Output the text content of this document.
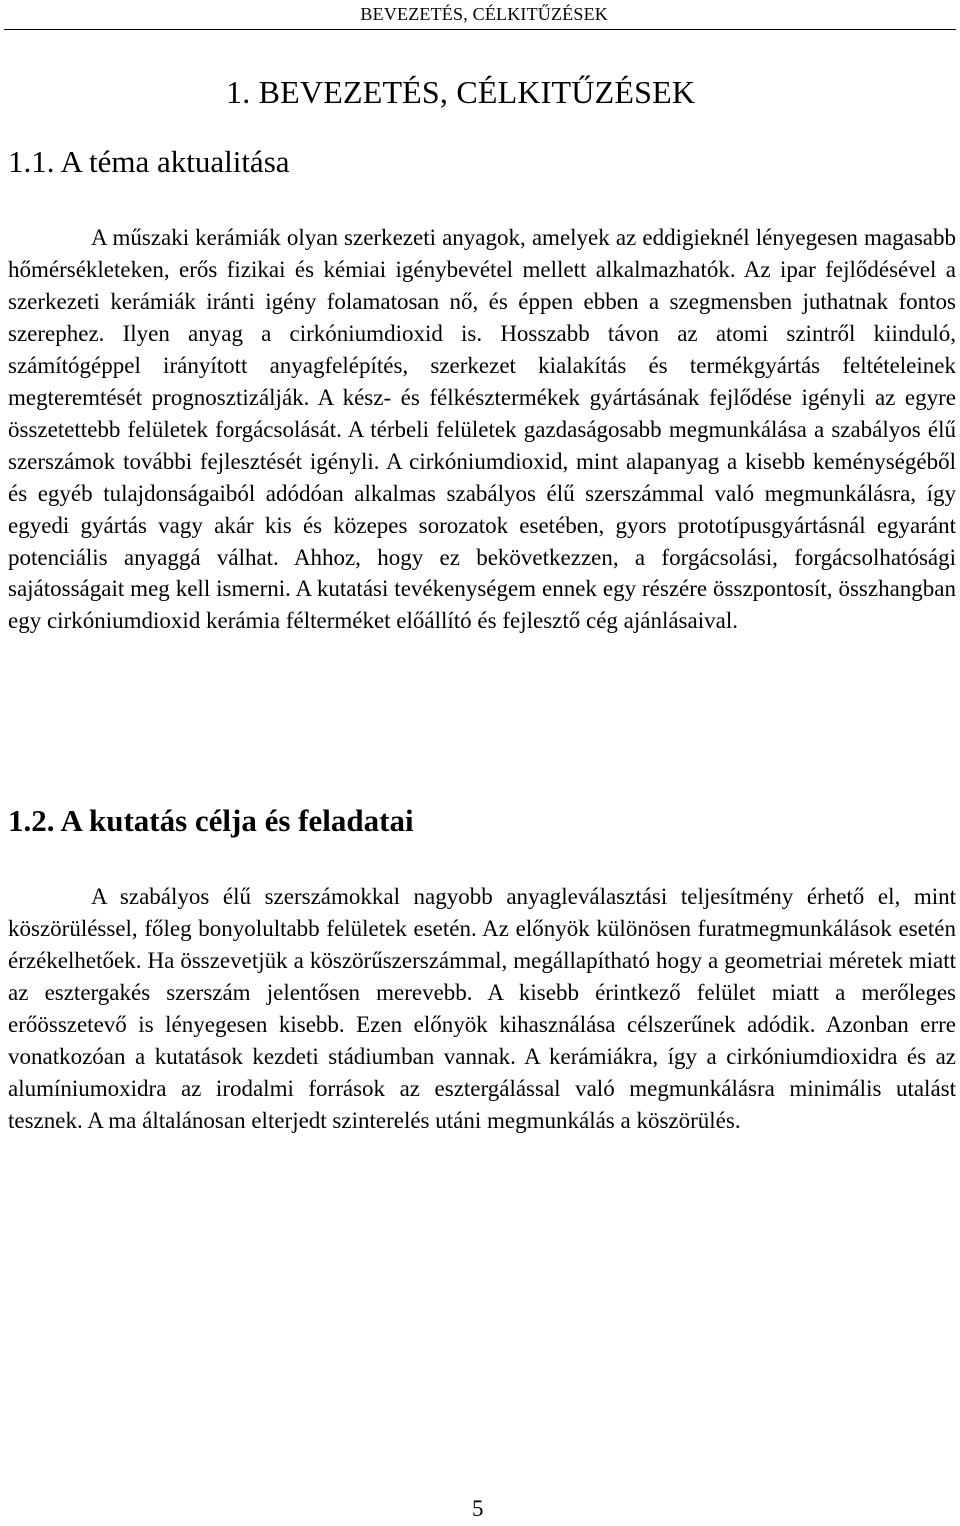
BEVEZETÉS, CÉLKITŰZÉSEK
1. BEVEZETÉS, CÉLKITŰZÉSEK
1.1. A téma aktualitása

A műszaki kerámiák olyan szerkezeti anyagok, amelyek az eddigieknél lényegesen magasabb hőmérsékleteken, erős fizikai és kémiai igénybevétel mellett alkalmazhatók. Az ipar fejlődésével a szerkezeti kerámiák iránti igény folamatosan nő, és éppen ebben a szegmensben juthatnak fontos szerephez. Ilyen anyag a cirkóniumdioxid is. Hosszabb távon az atomi szintről kiinduló, számítógéppel irányított anyagfelépítés, szerkezet kialakítás és termékgyártás feltételeinek megteremtését prognosztizálják. A kész- és félkésztermékek gyártásának fejlődése igényli az egyre összetettebb felületek forgácsolását. A térbeli felületek gazdaságosabb megmunkálása a szabályos élű szerszámok további fejlesztését igényli. A cirkóniumdioxid, mint alapanyag a kisebb keménységéből és egyéb tulajdonságaiból adódóan alkalmas szabályos élű szerszámmal való megmunkálásra, így egyedi gyártás vagy akár kis és közepes sorozatok esetében, gyors prototípusgyártásnál egyaránt potenciális anyaggá válhat. Ahhoz, hogy ez bekövetkezzen, a forgácsolási, forgácsolhatósági sajátosságait meg kell ismerni. A kutatási tevékenységem ennek egy részére összpontosít, összhangban egy cirkóniumdioxid kerámia félterméket előállító és fejlesztő cég ajánlásaival.

1.2. A kutatás célja és feladatai

A szabályos élű szerszámokkal nagyobb anyagleválasztási teljesítmény érhető el, mint köszörüléssel, főleg bonyolultabb felületek esetén. Az előnyök különösen furatmegmunkálások esetén érzékelhetőek. Ha összevetjük a köszörűszerszámmal, megállapítható hogy a geometriai méretek miatt az esztergakés szerszám jelentősen merevebb. A kisebb érintkező felület miatt a merőleges erőösszetevő is lényegesen kisebb. Ezen előnyök kihasználása célszerűnek adódik. Azonban erre vonatkozóan a kutatások kezdeti stádiumban vannak. A kerámiákra, így a cirkóniumdioxidra és az alumíniumoxidra az irodalmi források az esztergálással való megmunkálásra minimális utalást tesznek. A ma általánosan elterjedt szinterelés utáni megmunkálás a köszörülés.

5
